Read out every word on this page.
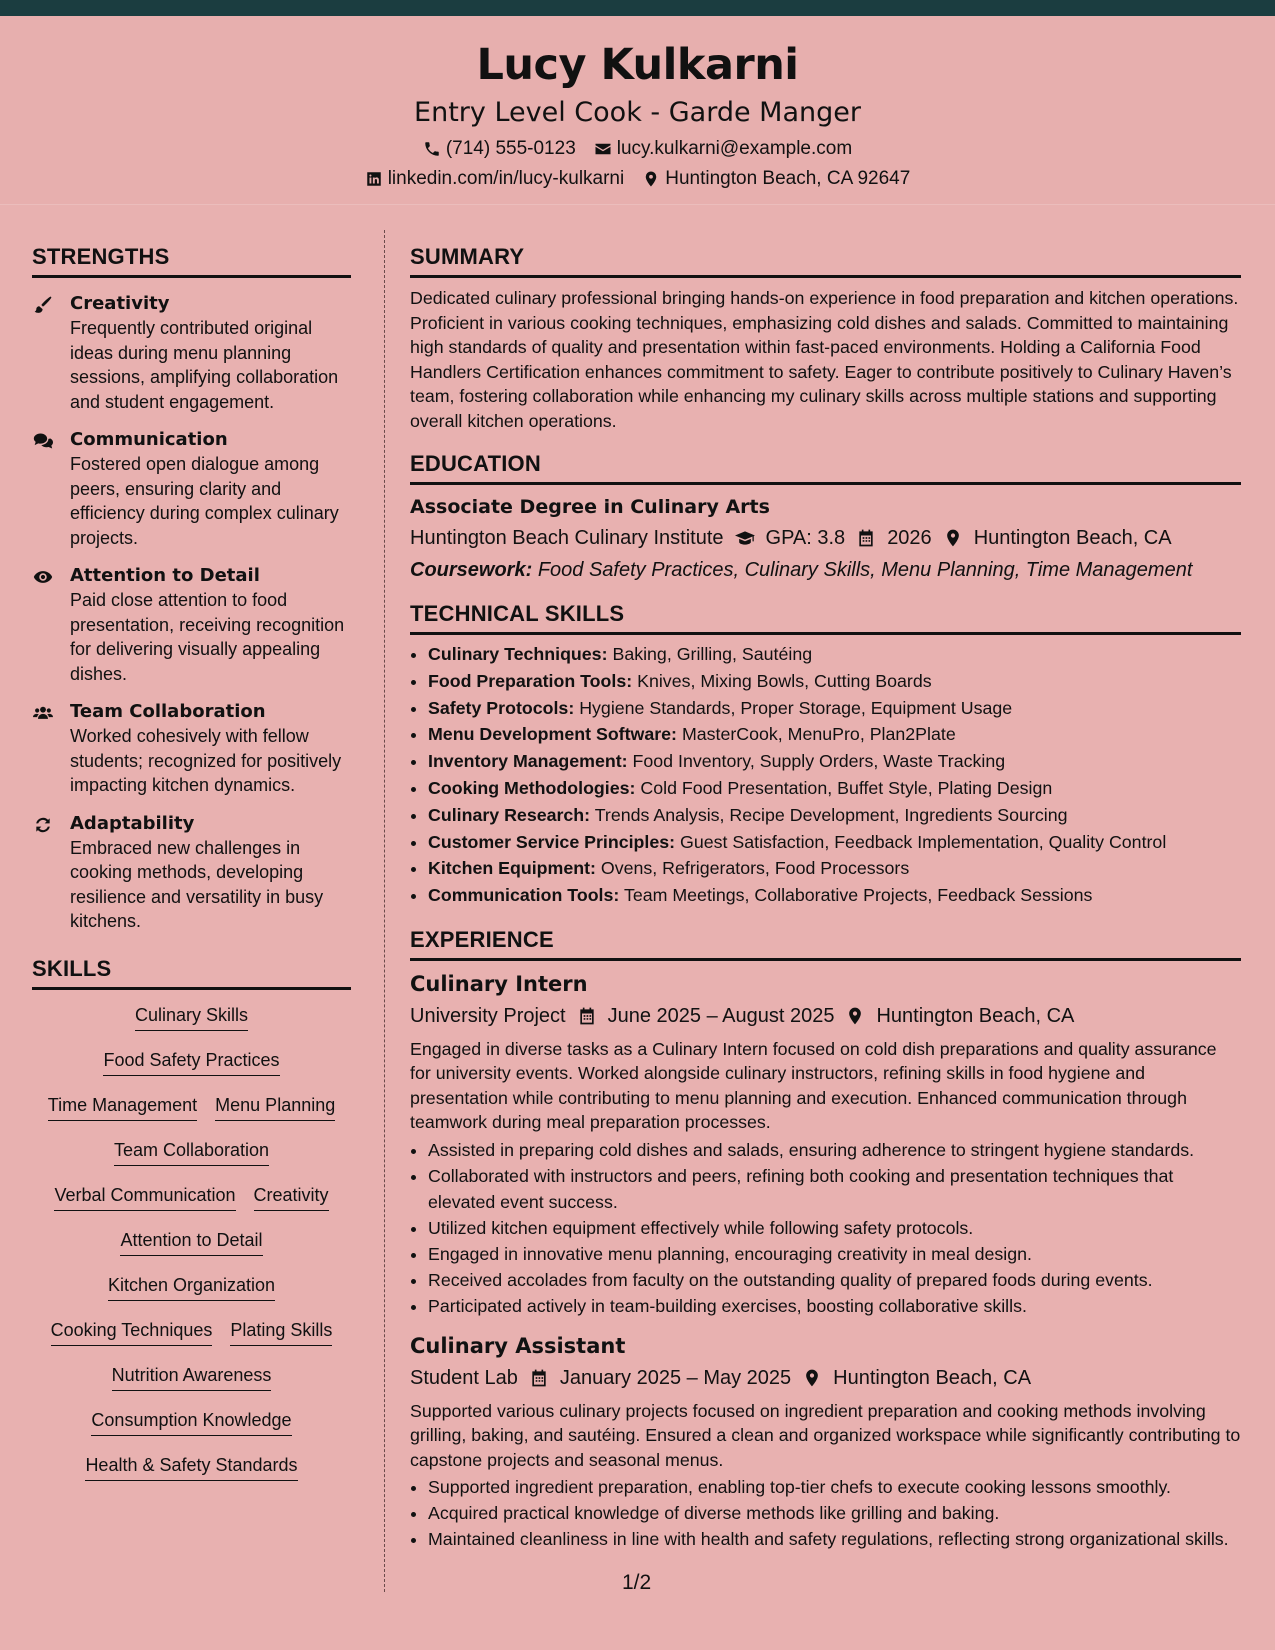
Lucy Kulkarni
Entry Level Cook - Garde Manger
(714) 555-0123 lucy.kulkarni@example.com
linkedin.com/in/lucy-kulkarni Huntington Beach, CA 92647
STRENGTHS
Creativity
Frequently contributed original ideas during menu planning sessions, amplifying collaboration and student engagement.
Communication
Fostered open dialogue among peers, ensuring clarity and efficiency during complex culinary projects.
Attention to Detail
Paid close attention to food presentation, receiving recognition for delivering visually appealing dishes.
Team Collaboration
Worked cohesively with fellow students; recognized for positively impacting kitchen dynamics.
Adaptability
Embraced new challenges in cooking methods, developing resilience and versatility in busy kitchens.
SKILLS
Culinary Skills
Food Safety Practices
Time Management Menu Planning
Team Collaboration
Verbal Communication Creativity
Attention to Detail
Kitchen Organization
Cooking Techniques Plating Skills
Nutrition Awareness
Consumption Knowledge
Health & Safety Standards
SUMMARY
Dedicated culinary professional bringing hands-on experience in food preparation and kitchen operations. Proficient in various cooking techniques, emphasizing cold dishes and salads. Committed to maintaining high standards of quality and presentation within fast-paced environments. Holding a California Food Handlers Certification enhances commitment to safety. Eager to contribute positively to Culinary Haven’s team, fostering collaboration while enhancing my culinary skills across multiple stations and supporting overall kitchen operations.
EDUCATION
Associate Degree in Culinary Arts
Huntington Beach Culinary Institute GPA: 3.8 2026 Huntington Beach, CA
Coursework: Food Safety Practices, Culinary Skills, Menu Planning, Time Management
TECHNICAL SKILLS
• Culinary Techniques: Baking, Grilling, Sautéing
• Food Preparation Tools: Knives, Mixing Bowls, Cutting Boards
• Safety Protocols: Hygiene Standards, Proper Storage, Equipment Usage
• Menu Development Software: MasterCook, MenuPro, Plan2Plate
• Inventory Management: Food Inventory, Supply Orders, Waste Tracking
• Cooking Methodologies: Cold Food Presentation, Buffet Style, Plating Design
• Culinary Research: Trends Analysis, Recipe Development, Ingredients Sourcing
• Customer Service Principles: Guest Satisfaction, Feedback Implementation, Quality Control
• Kitchen Equipment: Ovens, Refrigerators, Food Processors
• Communication Tools: Team Meetings, Collaborative Projects, Feedback Sessions
EXPERIENCE
Culinary Intern
University Project June 2025 – August 2025 Huntington Beach, CA
Engaged in diverse tasks as a Culinary Intern focused on cold dish preparations and quality assurance for university events. Worked alongside culinary instructors, refining skills in food hygiene and presentation while contributing to menu planning and execution. Enhanced communication through teamwork during meal preparation processes.
• Assisted in preparing cold dishes and salads, ensuring adherence to stringent hygiene standards.
• Collaborated with instructors and peers, refining both cooking and presentation techniques that elevated event success.
• Utilized kitchen equipment effectively while following safety protocols.
• Engaged in innovative menu planning, encouraging creativity in meal design.
• Received accolades from faculty on the outstanding quality of prepared foods during events.
• Participated actively in team-building exercises, boosting collaborative skills.
Culinary Assistant
Student Lab January 2025 – May 2025 Huntington Beach, CA
Supported various culinary projects focused on ingredient preparation and cooking methods involving grilling, baking, and sautéing. Ensured a clean and organized workspace while significantly contributing to capstone projects and seasonal menus.
• Supported ingredient preparation, enabling top-tier chefs to execute cooking lessons smoothly.
• Acquired practical knowledge of diverse methods like grilling and baking.
• Maintained cleanliness in line with health and safety regulations, reflecting strong organizational skills.
1/2
